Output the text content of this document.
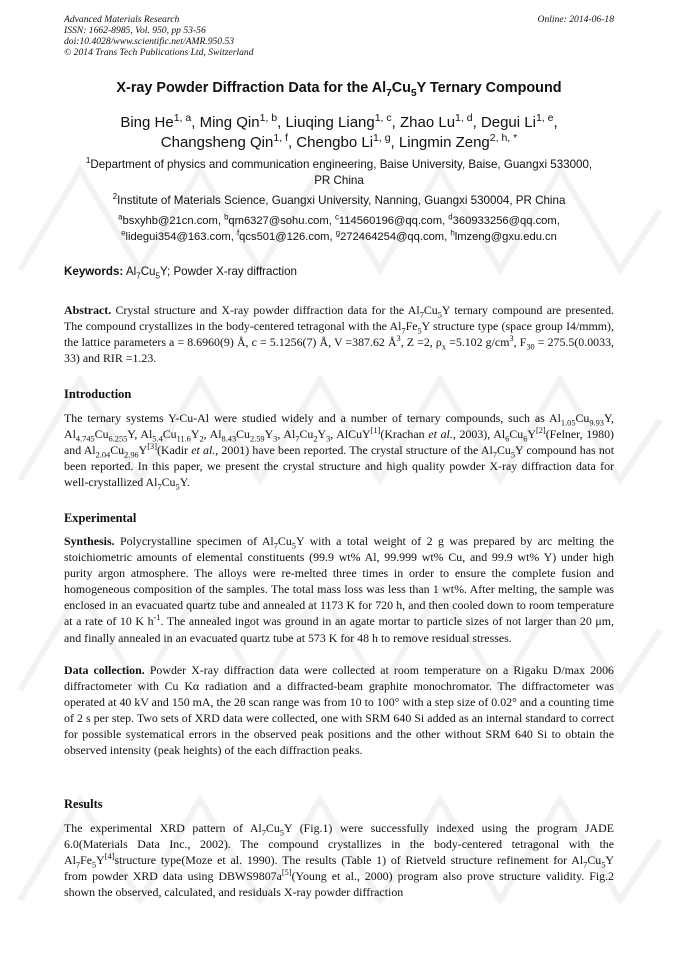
Advanced Materials Research
ISSN: 1662-8985, Vol. 950, pp 53-56
doi:10.4028/www.scientific.net/AMR.950.53
© 2014 Trans Tech Publications Ltd, Switzerland
Online: 2014-06-18
X-ray Powder Diffraction Data for the $Al_7Cu_5Y$ Ternary Compound
Bing He$^{1, a}$, Ming Qin$^{1, b}$, Liuqing Liang$^{1, c}$, Zhao Lu$^{1, d}$, Degui Li$^{1, e}$,
Changsheng Qin$^{1, f}$, Chengbo Li$^{1, g}$, Lingmin Zeng$^{2, h, *}$
$^1$Department of physics and communication engineering, Baise University, Baise, Guangxi 533000,
PR China
$^2$Institute of Materials Science, Guangxi University, Nanning, Guangxi 530004, PR China
$^a$bsxyhb@21cn.com, $^b$qm6327@sohu.com, $^c$114560196@qq.com, $^d$360933256@qq.com,
$^e$lidegui354@163.com, $^f$qcs501@126.com, $^g$272464254@qq.com, $^h$lmzeng@gxu.edu.cn
Keywords: $Al_7Cu_5Y$; Powder X-ray diffraction
Abstract. Crystal structure and X-ray powder diffraction data for the $Al_7Cu_5Y$ ternary compound are presented. The compound crystallizes in the body-centered tetragonal with the $Al_7Fe_5Y$ structure type (space group I4/mmm), the lattice parameters a = 8.6960(9) Å, c = 5.1256(7) Å, V =387.62 $Å^3$, Z =2, $\rho_x =5.102$ $g/cm^3$, $F_{30} = 275.5(0.0033$, 33) and RIR =1.23.
Introduction
The ternary systems Y-Cu-Al were studied widely and a number of ternary compounds, such as $Al_{1.05}Cu_{9.93}Y$, $Al_{4.745}Cu_{6.255}Y$, $Al_{5.4}Cu_{11.6}Y_2$, $Al_{8.43}Cu_{2.59}Y_3$, $Al_7Cu_2Y_3$, AlCuY[1](Krachan et al., 2003), $Al_6Cu_6Y[2](Felner$, 1980) and $Al_{2.04}Cu_{2.96}Y[3](Kadir$ et al., 2001) have been reported. The crystal structure of the $Al_7Cu_5Y$ compound has not been reported. In this paper, we present the crystal structure and high quality powder X-ray diffraction data for well-crystallized $Al_7Cu_5Y$.
Experimental
Synthesis. Polycrystalline specimen of $Al_7Cu_5Y$ with a total weight of 2 g was prepared by arc melting the stoichiometric amounts of elemental constituents (99.9 wt% Al, 99.999 wt% Cu, and 99.9 wt% Y) under high purity argon atmosphere. The alloys were re-melted three times in order to ensure the complete fusion and homogeneous composition of the samples. The total mass loss was less than 1 wt%. After melting, the sample was enclosed in an evacuated quartz tube and annealed at 1173 K for 720 h, and then cooled down to room temperature at a rate of 10 K $h^{-1}$. The annealed ingot was ground in an agate mortar to particle sizes of not larger than 20 μm, and finally annealed in an evacuated quartz tube at 573 K for 48 h to remove residual stresses.
Data collection. Powder X-ray diffraction data were collected at room temperature on a Rigaku D/max 2006 diffractometer with Cu Kα radiation and a diffracted-beam graphite monochromator. The diffractometer was operated at 40 kV and 150 mA, the 2θ scan range was from 10 to 100° with a step size of 0.02° and a counting time of 2 s per step. Two sets of XRD data were collected, one with SRM 640 Si added as an internal standard to correct for possible systematical errors in the observed peak positions and the other without SRM 640 Si to obtain the observed intensity (peak heights) of the each diffraction peaks.
Results
The experimental XRD pattern of $Al_7Cu_5Y$ (Fig.1) were successfully indexed using the program JADE 6.0(Materials Data Inc., 2002). The compound crystallizes in the body-centered tetragonal with the $Al_7Fe_5Y[4]structure$ type(Moze et al. 1990). The results (Table 1) of Rietveld structure refinement for $Al_7Cu_5Y$ from powder XRD data using DBWS9807a[5](Young et al., 2000) program also prove structure validity. Fig.2 shown the observed, calculated, and residuals X-ray powder diffraction
